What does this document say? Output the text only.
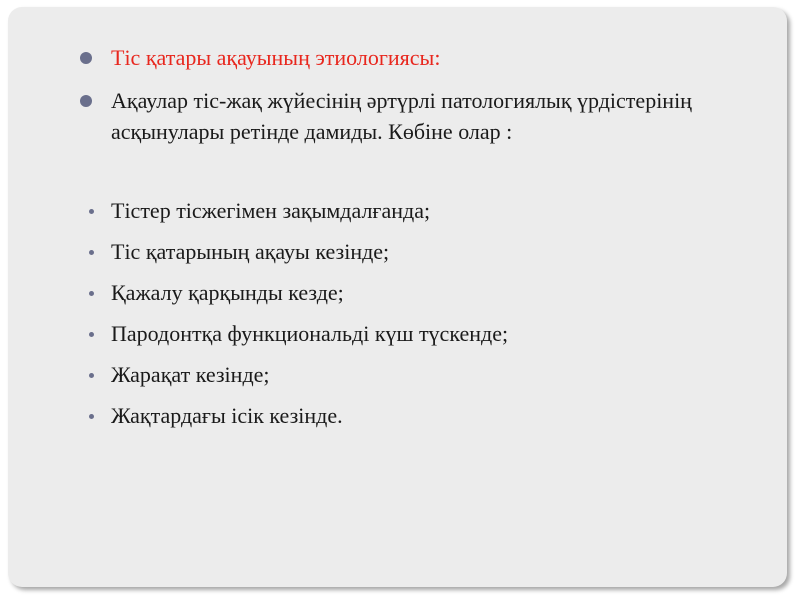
Тіс қатары ақауының этиологиясы:

Ақаулар тіс-жақ жүйесінің әртүрлі патологиялық үрдістерінің асқынулары ретінде дамиды. Көбіне олар :

Тістер тісжегімен зақымдалғанда;

Тіс қатарының ақауы кезінде;

Қажалу қарқынды кезде;

Пародонтқа функциональді күш түскенде;

Жарақат кезінде;

Жақтардағы ісік кезінде.
